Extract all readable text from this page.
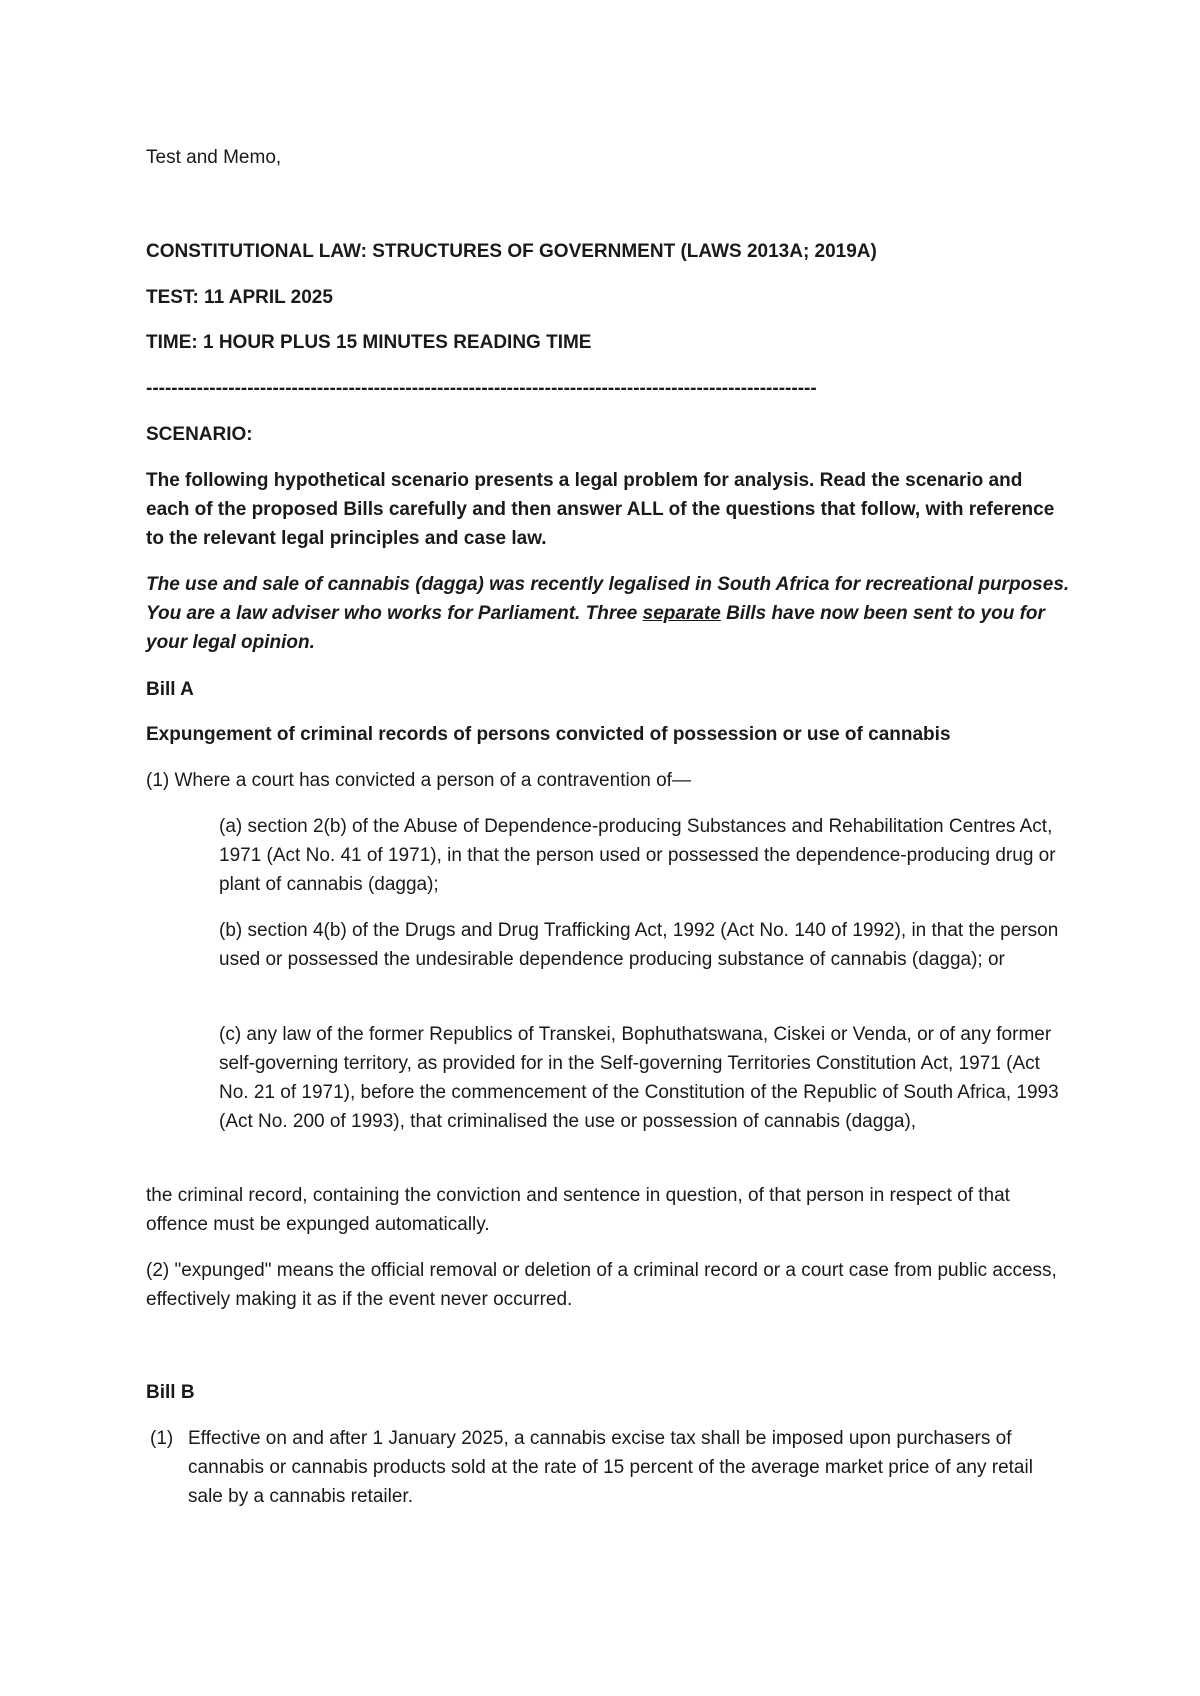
Test and Memo,

CONSTITUTIONAL LAW: STRUCTURES OF GOVERNMENT (LAWS 2013A; 2019A)

TEST: 11 APRIL 2025

TIME: 1 HOUR PLUS 15 MINUTES READING TIME

----------------------------------------------------------------------------------------------------------

SCENARIO:

The following hypothetical scenario presents a legal problem for analysis. Read the scenario and each of the proposed Bills carefully and then answer ALL of the questions that follow, with reference to the relevant legal principles and case law.

The use and sale of cannabis (dagga) was recently legalised in South Africa for recreational purposes. You are a law adviser who works for Parliament. Three separate Bills have now been sent to you for your legal opinion.

Bill A

Expungement of criminal records of persons convicted of possession or use of cannabis

(1) Where a court has convicted a person of a contravention of—

(a) section 2(b) of the Abuse of Dependence-producing Substances and Rehabilitation Centres Act, 1971 (Act No. 41 of 1971), in that the person used or possessed the dependence-producing drug or plant of cannabis (dagga);

(b) section 4(b) of the Drugs and Drug Trafficking Act, 1992 (Act No. 140 of 1992), in that the person used or possessed the undesirable dependence producing substance of cannabis (dagga); or

(c) any law of the former Republics of Transkei, Bophuthatswana, Ciskei or Venda, or of any former self-governing territory, as provided for in the Self-governing Territories Constitution Act, 1971 (Act No. 21 of 1971), before the commencement of the Constitution of the Republic of South Africa, 1993 (Act No. 200 of 1993), that criminalised the use or possession of cannabis (dagga),

the criminal record, containing the conviction and sentence in question, of that person in respect of that offence must be expunged automatically.

(2) "expunged" means the official removal or deletion of a criminal record or a court case from public access, effectively making it as if the event never occurred.

Bill B

(1) Effective on and after 1 January 2025, a cannabis excise tax shall be imposed upon purchasers of cannabis or cannabis products sold at the rate of 15 percent of the average market price of any retail sale by a cannabis retailer.
